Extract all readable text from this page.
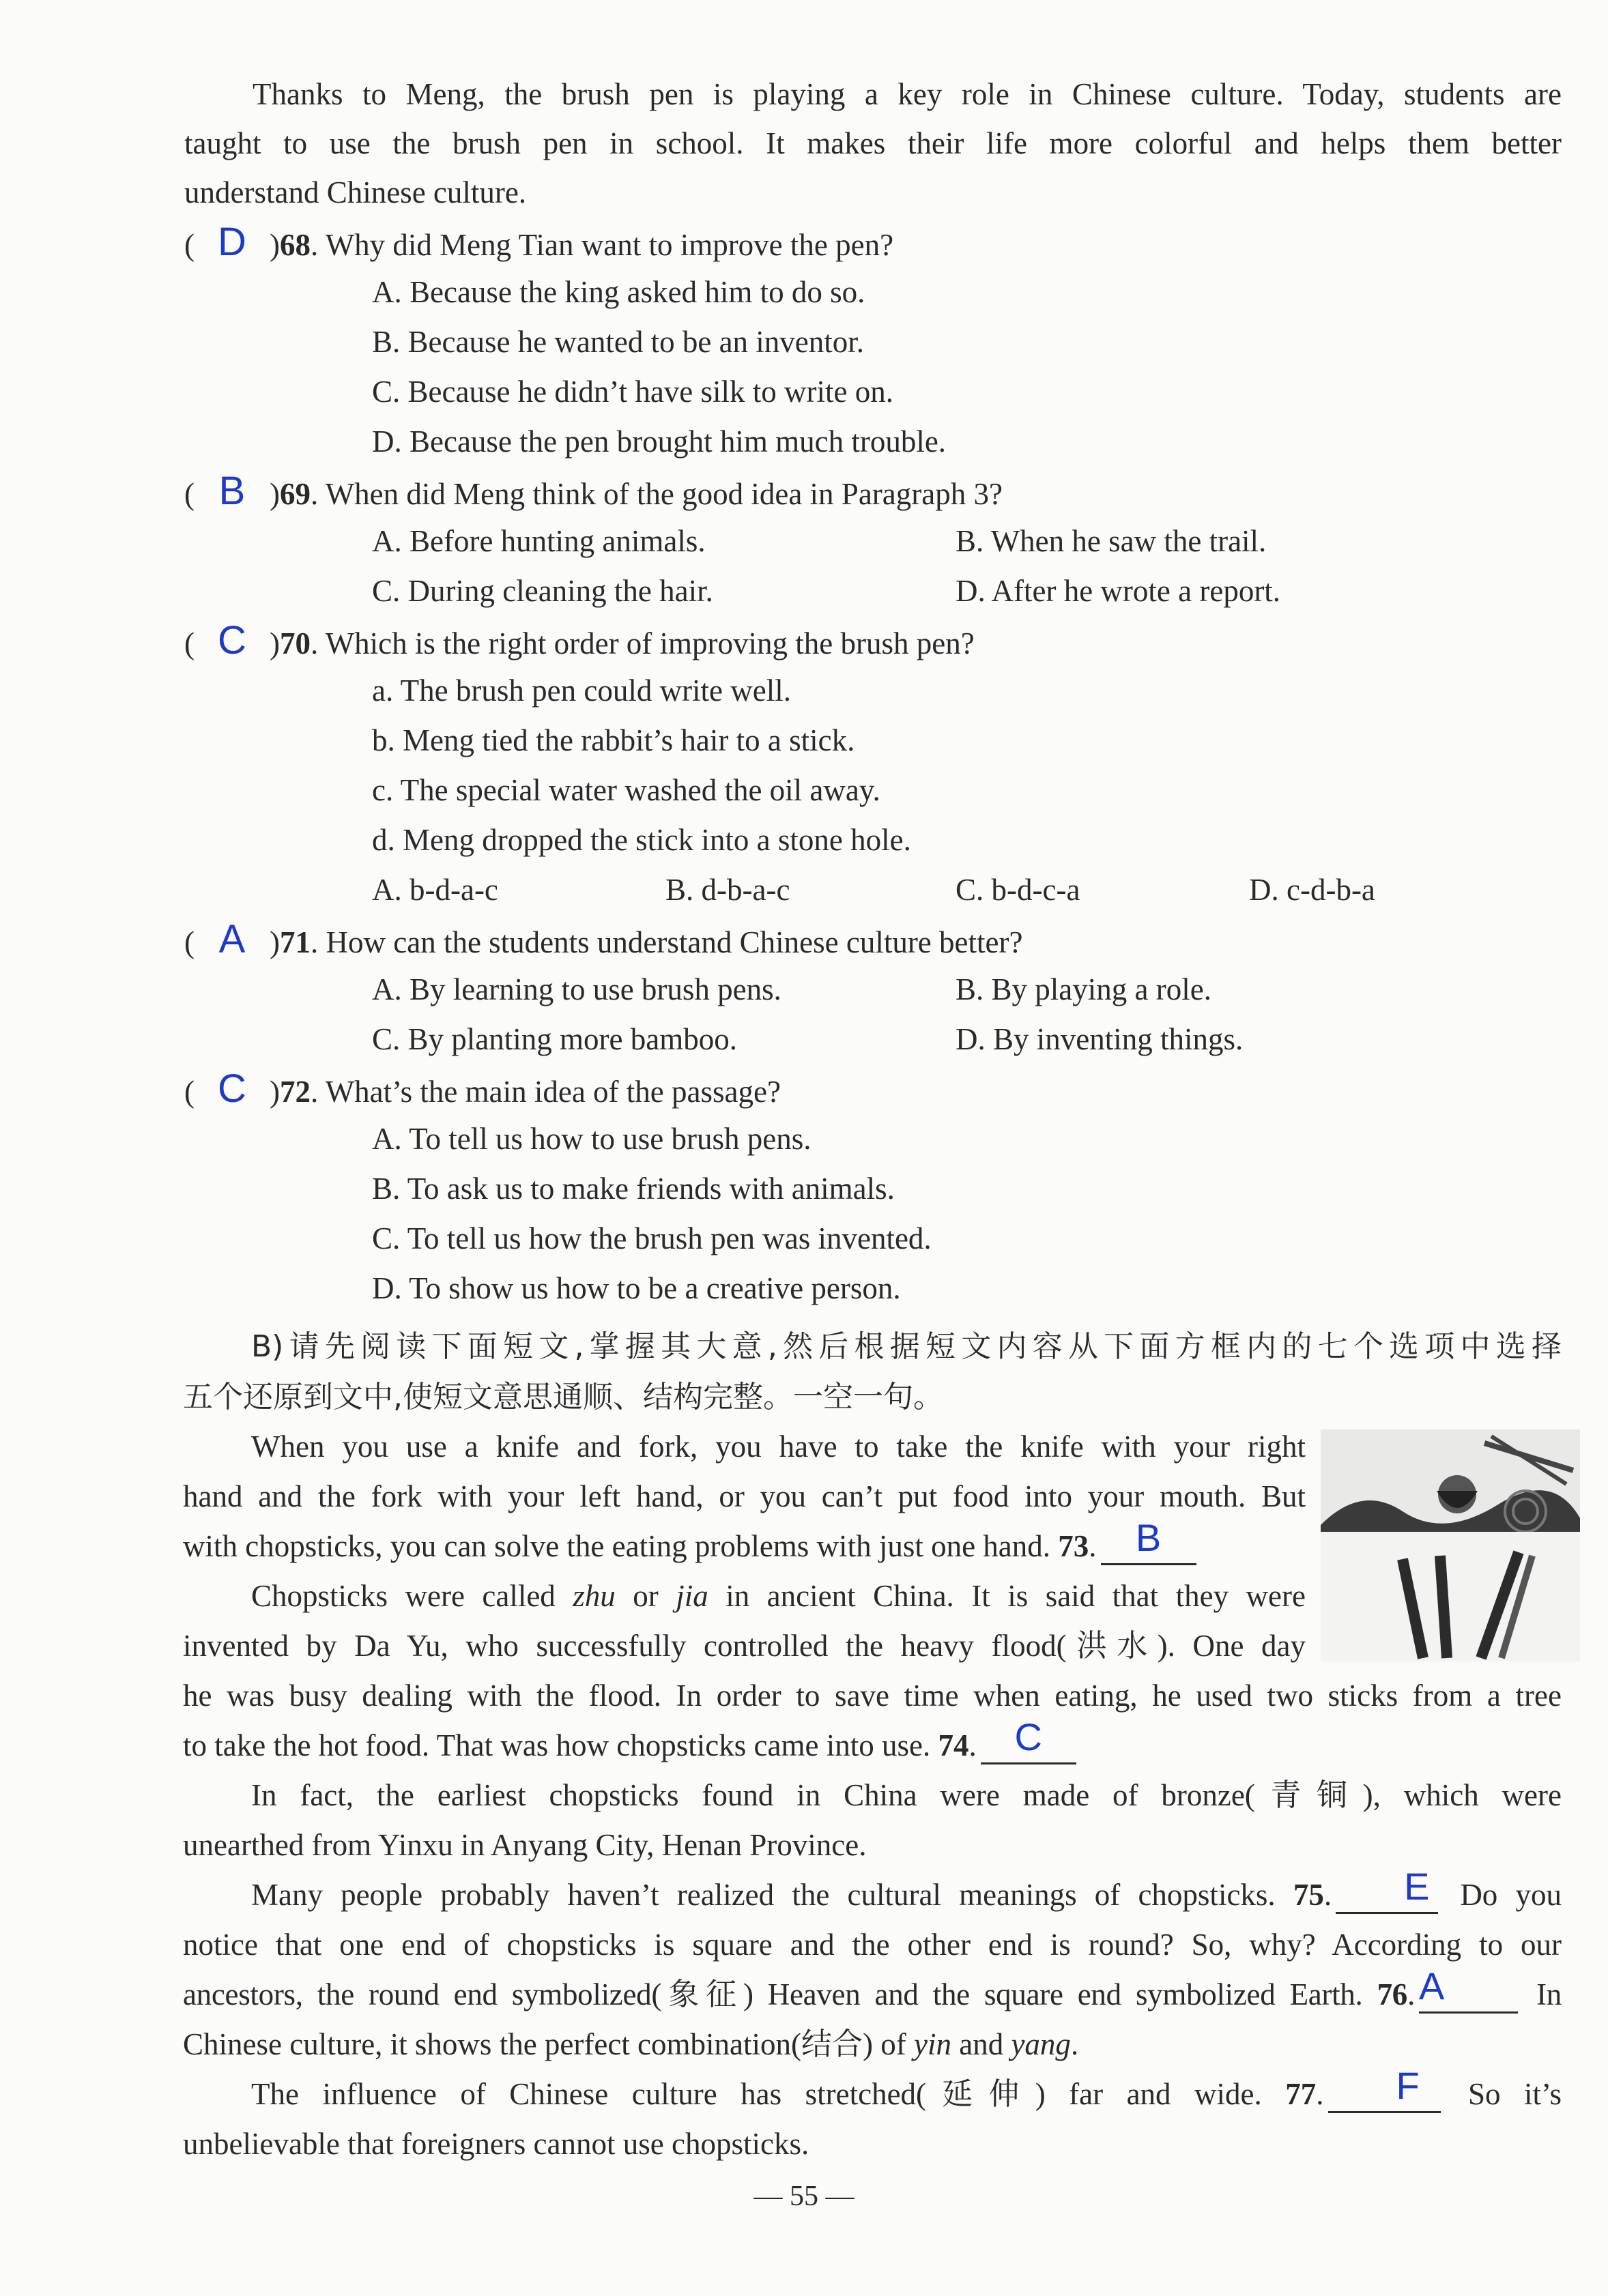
Thanks to Meng, the brush pen is playing a key role in Chinese culture. Today, students are
taught to use the brush pen in school. It makes their life more colorful and helps them better
understand Chinese culture.
( D )68. Why did Meng Tian want to improve the pen?
A. Because the king asked him to do so.
B. Because he wanted to be an inventor.
C. Because he didn’t have silk to write on.
D. Because the pen brought him much trouble.
( B )69. When did Meng think of the good idea in Paragraph 3?
A. Before hunting animals.	B. When he saw the trail.
C. During cleaning the hair.	D. After he wrote a report.
( C )70. Which is the right order of improving the brush pen?
a. The brush pen could write well.
b. Meng tied the rabbit’s hair to a stick.
c. The special water washed the oil away.
d. Meng dropped the stick into a stone hole.
A. b-d-a-c	B. d-b-a-c	C. b-d-c-a	D. c-d-b-a
( A )71. How can the students understand Chinese culture better?
A. By learning to use brush pens.	B. By playing a role.
C. By planting more bamboo.	D. By inventing things.
( C )72. What’s the main idea of the passage?
A. To tell us how to use brush pens.
B. To ask us to make friends with animals.
C. To tell us how the brush pen was invented.
D. To show us how to be a creative person.
B)请先阅读下面短文,掌握其大意,然后根据短文内容从下面方框内的七个选项中选择
五个还原到文中,使短文意思通顺、结构完整。一空一句。
When you use a knife and fork, you have to take the knife with your right
hand and the fork with your left hand, or you can’t put food into your mouth. But
with chopsticks, you can solve the eating problems with just one hand. 73. B
Chopsticks were called zhu or jia in ancient China. It is said that they were
invented by Da Yu, who successfully controlled the heavy flood(洪水). One day
he was busy dealing with the flood. In order to save time when eating, he used two sticks from a tree
to take the hot food. That was how chopsticks came into use. 74. C
In fact, the earliest chopsticks found in China were made of bronze(青铜), which were
unearthed from Yinxu in Anyang City, Henan Province.
Many people probably haven’t realized the cultural meanings of chopsticks. 75. E Do you
notice that one end of chopsticks is square and the other end is round? So, why? According to our
ancestors, the round end symbolized(象征) Heaven and the square end symbolized Earth. 76. A	In
Chinese culture, it shows the perfect combination(结合) of yin and yang.
The influence of Chinese culture has stretched(延伸) far and wide. 77. F So it’s
unbelievable that foreigners cannot use chopsticks.
— 55 —
